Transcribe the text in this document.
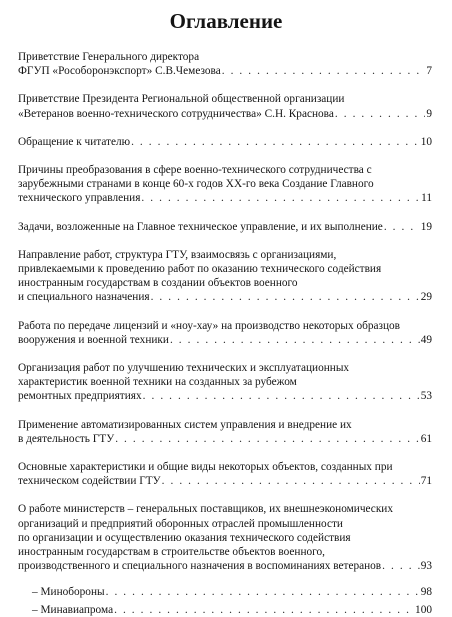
Оглавление
Приветствие Генерального директора
ФГУП «Рособоронэкспорт» С.В.Чемезова . . .	7
Приветствие Президента Региональной общественной организации
«Ветеранов военно-технического сотрудничества» С.Н. Краснова . . .	9
Обращение к читателю . . .	10
Причины преобразования в сфере военно-технического сотрудничества с
зарубежными странами в конце 60-х годов XX-го века Создание Главного
технического управления . . .	11
Задачи, возложенные на Главное техническое управление, и их выполнение . . .	19
Направление работ, структура ГТУ, взаимосвязь с организациями,
привлекаемыми к проведению работ по оказанию технического содействия
иностранным государствам в создании объектов военного
и специального назначения . . .	29
Работа по передаче лицензий и «ноу-хау» на производство некоторых образцов
вооружения и военной техники . . .	49
Организация работ по улучшению технических и эксплуатационных
характеристик военной техники на созданных за рубежом
ремонтных предприятиях . . .	53
Применение автоматизированных систем управления и внедрение их
в деятельность ГТУ . . .	61
Основные характеристики и общие виды некоторых объектов, созданных при
техническом содействии ГТУ . . .	71
О работе министерств – генеральных поставщиков, их внешнеэкономических
организаций и предприятий оборонных отраслей промышленности
по организации и осуществлению оказания технического содействия
иностранным государствам в строительстве объектов военного,
производственного и специального назначения в воспоминаниях ветеранов . . .	93
– Минобороны . . .	98
– Минавиапрома . . .	100
